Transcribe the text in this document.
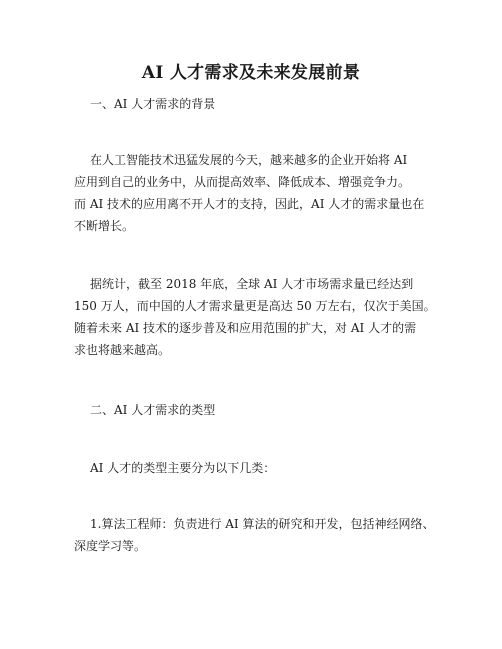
AI 人才需求及未来发展前景
一、AI 人才需求的背景
在人工智能技术迅猛发展的今天，越来越多的企业开始将 AI
应用到自己的业务中，从而提高效率、降低成本、增强竞争力。
而 AI 技术的应用离不开人才的支持，因此，AI 人才的需求量也在
不断增长。
据统计，截至 2018 年底，全球 AI 人才市场需求量已经达到
150 万人，而中国的人才需求量更是高达 50 万左右，仅次于美国。
随着未来 AI 技术的逐步普及和应用范围的扩大，对 AI 人才的需
求也将越来越高。
二、AI 人才需求的类型
AI 人才的类型主要分为以下几类：
1.算法工程师：负责进行 AI 算法的研究和开发，包括神经网络、
深度学习等。
